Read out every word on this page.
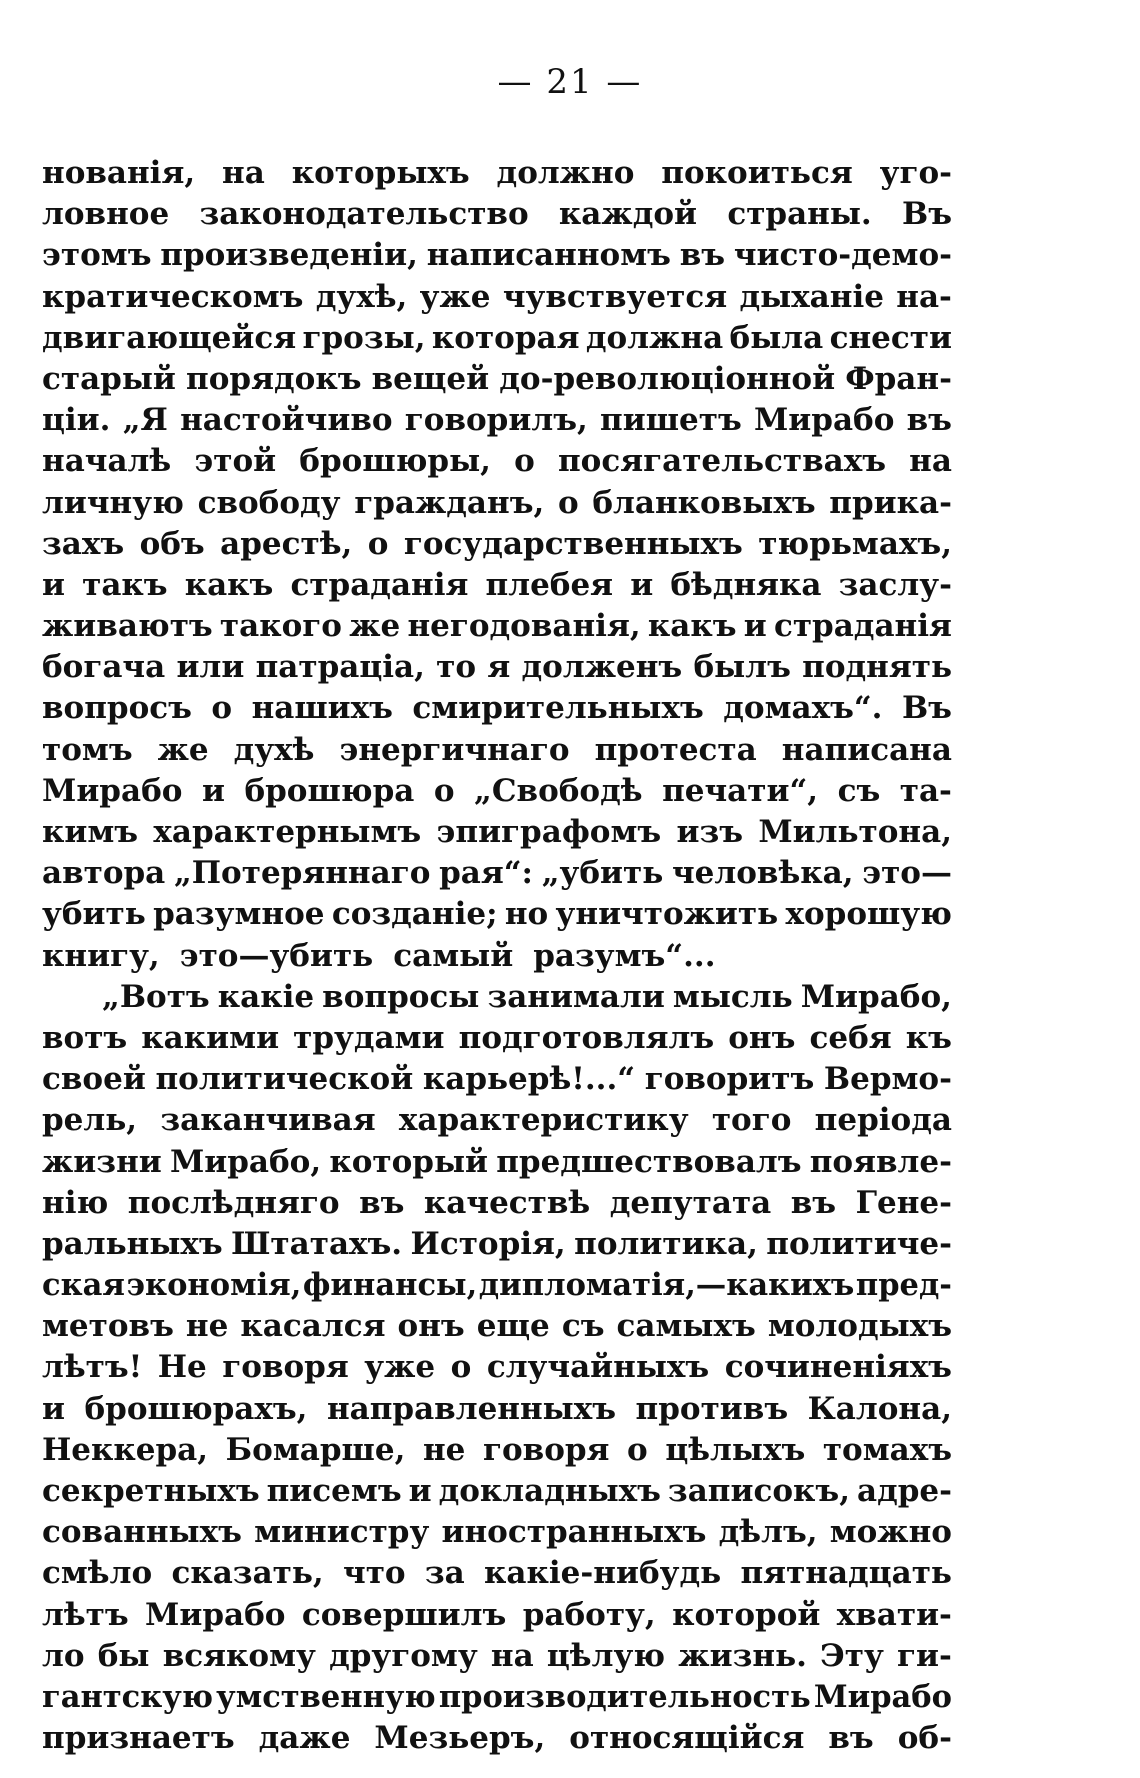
— 21 —
нованія, на которыхъ должно покоиться уго-
ловное законодательство каждой страны. Въ
этомъ произведеніи, написанномъ въ чисто-демо-
кратическомъ духѣ, уже чувствуется дыханіе на-
двигающейся грозы, которая должна была снести
старый порядокъ вещей до-революціонной Фран-
ціи. „Я настойчиво говорилъ, пишетъ Мирабо въ
началѣ этой брошюры, о посягательствахъ на
личную свободу гражданъ, о бланковыхъ прика-
захъ объ арестѣ, о государственныхъ тюрьмахъ,
и такъ какъ страданія плебея и бѣдняка заслу-
живаютъ такого же негодованія, какъ и страданія
богача или патраціа, то я долженъ былъ поднять
вопросъ о нашихъ смирительныхъ домахъ“. Въ
томъ же духѣ энергичнаго протеста написана
Мирабо и брошюра о „Свободѣ печати“, съ та-
кимъ характернымъ эпиграфомъ изъ Мильтона,
автора „Потеряннаго рая“: „убить человѣка, это—
убить разумное созданіе; но уничтожить хорошую
книгу, это—убить самый разумъ“...
„Вотъ какіе вопросы занимали мысль Мирабо,
вотъ какими трудами подготовлялъ онъ себя къ
своей политической карьерѣ!...“ говоритъ Вермо-
рель, заканчивая характеристику того періода
жизни Мирабо, который предшествовалъ появле-
нію послѣдняго въ качествѣ депутата въ Гене-
ральныхъ Штатахъ. Исторія, политика, политиче-
ская экономія, финансы, дипломатія,—какихъ пред-
метовъ не касался онъ еще съ самыхъ молодыхъ
лѣтъ! Не говоря уже о случайныхъ сочиненіяхъ
и брошюрахъ, направленныхъ противъ Калона,
Неккера, Бомарше, не говоря о цѣлыхъ томахъ
секретныхъ писемъ и докладныхъ записокъ, адре-
сованныхъ министру иностранныхъ дѣлъ, можно
смѣло сказать, что за какіе-нибудь пятнадцать
лѣтъ Мирабо совершилъ работу, которой хвати-
ло бы всякому другому на цѣлую жизнь. Эту ги-
гантскую умственную производительность Мирабо
признаетъ даже Мезьеръ, относящійся въ об-
